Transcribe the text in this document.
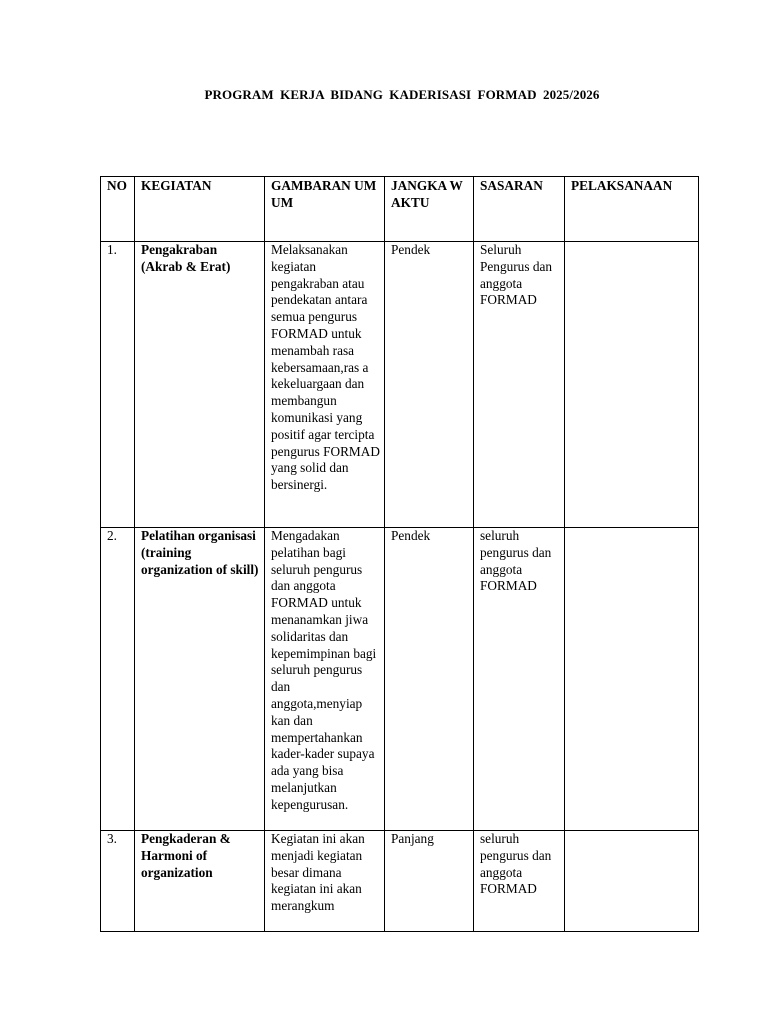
PROGRAM KERJA BIDANG KADERISASI FORMAD 2025/2026
NO	KEGIATAN	GAMBARAN UMUM	JANGKA WAKTU	SASARAN	PELAKSANAAN
1.	Pengakraban (Akrab & Erat)	Melaksanakan kegiatan pengakraban atau pendekatan antara semua pengurus FORMAD untuk menambah rasa kebersamaan,ras a kekeluargaan dan membangun komunikasi yang positif agar tercipta pengurus FORMAD yang solid dan bersinergi.	Pendek	Seluruh Pengurus dan anggota FORMAD	
2.	Pelatihan organisasi (training organization of skill)	Mengadakan pelatihan bagi seluruh pengurus dan anggota FORMAD untuk menanamkan jiwa solidaritas dan kepemimpinan bagi seluruh pengurus dan anggota,menyiap kan dan mempertahankan kader-kader supaya ada yang bisa melanjutkan kepengurusan.	Pendek	seluruh pengurus dan anggota FORMAD	
3.	Pengkaderan & Harmoni of organization	Kegiatan ini akan menjadi kegiatan besar dimana kegiatan ini akan merangkum	Panjang	seluruh pengurus dan anggota FORMAD	
